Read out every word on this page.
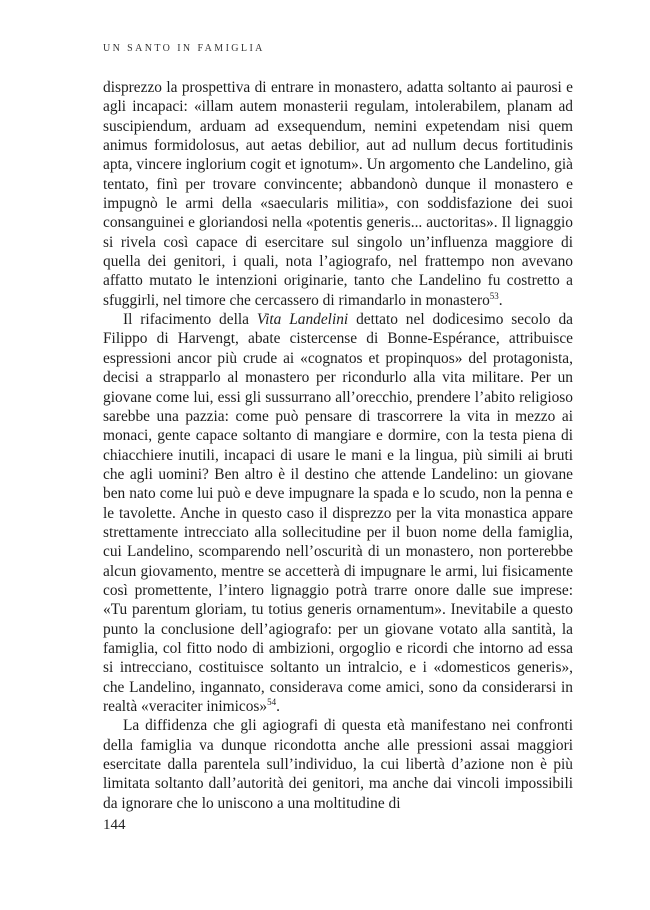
UN SANTO IN FAMIGLIA

disprezzo la prospettiva di entrare in monastero, adatta soltanto ai paurosi e agli incapaci: «illam autem monasterii regulam, intolerabilem, planam ad suscipiendum, arduam ad exsequendum, nemini expetendam nisi quem animus formidolosus, aut aetas debilior, aut ad nullum decus fortitudinis apta, vincere inglorium cogit et ignotum». Un argomento che Landelino, già tentato, finì per trovare convincente; abbandonò dunque il monastero e impugnò le armi della «saecularis militia», con soddisfazione dei suoi consanguinei e gloriandosi nella «potentis generis... auctoritas». Il lignaggio si rivela così capace di esercitare sul singolo un’influenza maggiore di quella dei genitori, i quali, nota l’agiografo, nel frattempo non avevano affatto mutato le intenzioni originarie, tanto che Landelino fu costretto a sfuggirli, nel timore che cercassero di rimandarlo in monastero$^{53}$.

Il rifacimento della Vita Landelini dettato nel dodicesimo secolo da Filippo di Harvengt, abate cistercense di Bonne-Espérance, attribuisce espressioni ancor più crude ai «cognatos et propinquos» del protagonista, decisi a strapparlo al monastero per ricondurlo alla vita militare. Per un giovane come lui, essi gli sussurrano all’orecchio, prendere l’abito religioso sarebbe una pazzia: come può pensare di trascorrere la vita in mezzo ai monaci, gente capace soltanto di mangiare e dormire, con la testa piena di chiacchiere inutili, incapaci di usare le mani e la lingua, più simili ai bruti che agli uomini? Ben altro è il destino che attende Landelino: un giovane ben nato come lui può e deve impugnare la spada e lo scudo, non la penna e le tavolette. Anche in questo caso il disprezzo per la vita monastica appare strettamente intrecciato alla sollecitudine per il buon nome della famiglia, cui Landelino, scomparendo nell’oscurità di un monastero, non porterebbe alcun giovamento, mentre se accetterà di impugnare le armi, lui fisicamente così promettente, l’intero lignaggio potrà trarre onore dalle sue imprese: «Tu parentum gloriam, tu totius generis ornamentum». Inevitabile a questo punto la conclusione dell’agiografo: per un giovane votato alla santità, la famiglia, col fitto nodo di ambizioni, orgoglio e ricordi che intorno ad essa si intrecciano, costituisce soltanto un intralcio, e i «domesticos generis», che Landelino, ingannato, considerava come amici, sono da considerarsi in realtà «veraciter inimicos»$^{54}$.

La diffidenza che gli agiografi di questa età manifestano nei confronti della famiglia va dunque ricondotta anche alle pressioni assai maggiori esercitate dalla parentela sull’individuo, la cui libertà d’azione non è più limitata soltanto dall’autorità dei genitori, ma anche dai vincoli impossibili da ignorare che lo uniscono a una moltitudine di

144
